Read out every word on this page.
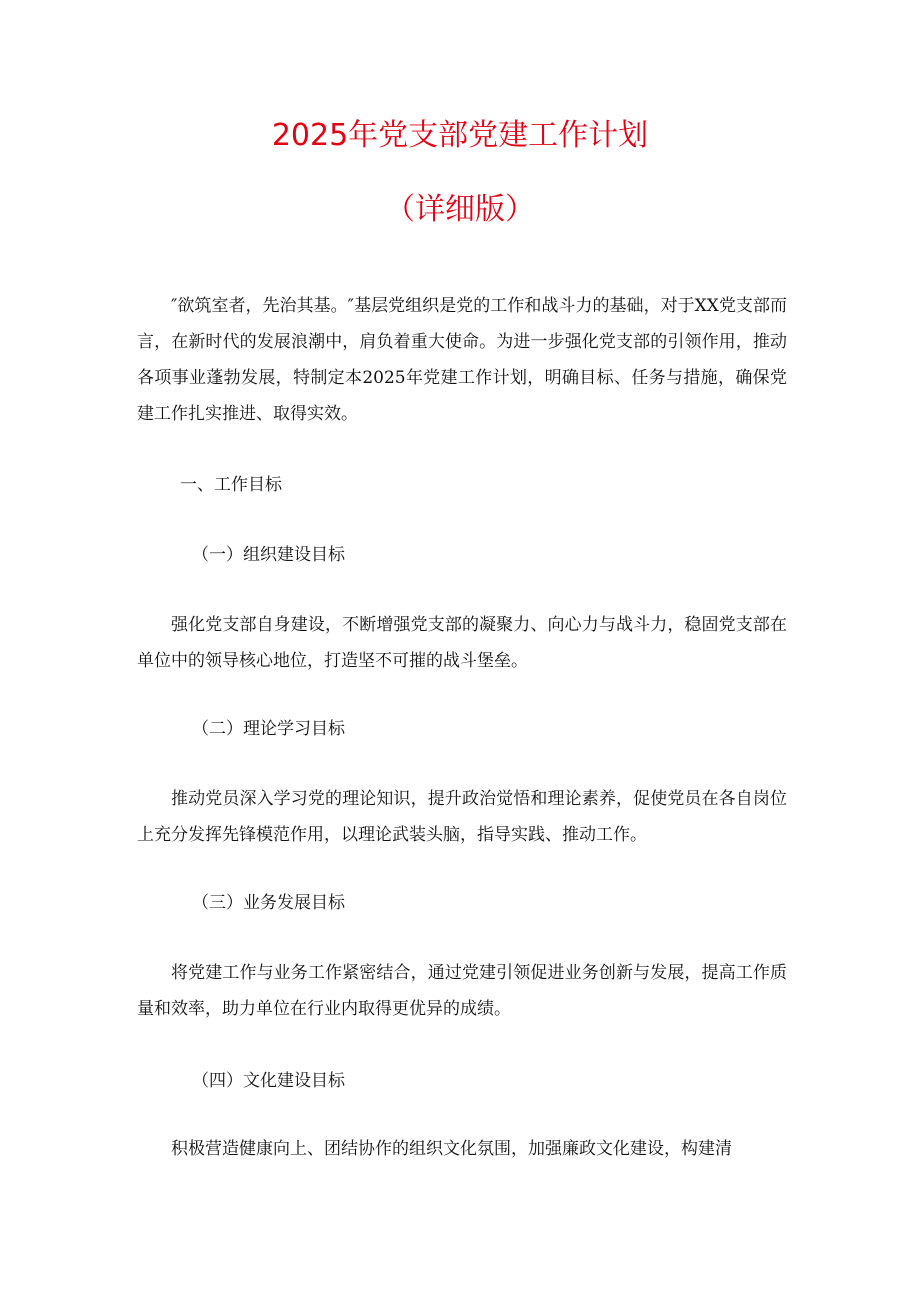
2025年党支部党建工作计划
（详细版）

″欲筑室者，先治其基。″基层党组织是党的工作和战斗力的基础，对于XX党支部而言，在新时代的发展浪潮中，肩负着重大使命。为进一步强化党支部的引领作用，推动各项事业蓬勃发展，特制定本2025年党建工作计划，明确目标、任务与措施，确保党建工作扎实推进、取得实效。

一、工作目标

（一）组织建设目标

强化党支部自身建设，不断增强党支部的凝聚力、向心力与战斗力，稳固党支部在单位中的领导核心地位，打造坚不可摧的战斗堡垒。

（二）理论学习目标

推动党员深入学习党的理论知识，提升政治觉悟和理论素养，促使党员在各自岗位上充分发挥先锋模范作用，以理论武装头脑，指导实践、推动工作。

（三）业务发展目标

将党建工作与业务工作紧密结合，通过党建引领促进业务创新与发展，提高工作质量和效率，助力单位在行业内取得更优异的成绩。

（四）文化建设目标

积极营造健康向上、团结协作的组织文化氛围，加强廉政文化建设，构建清
